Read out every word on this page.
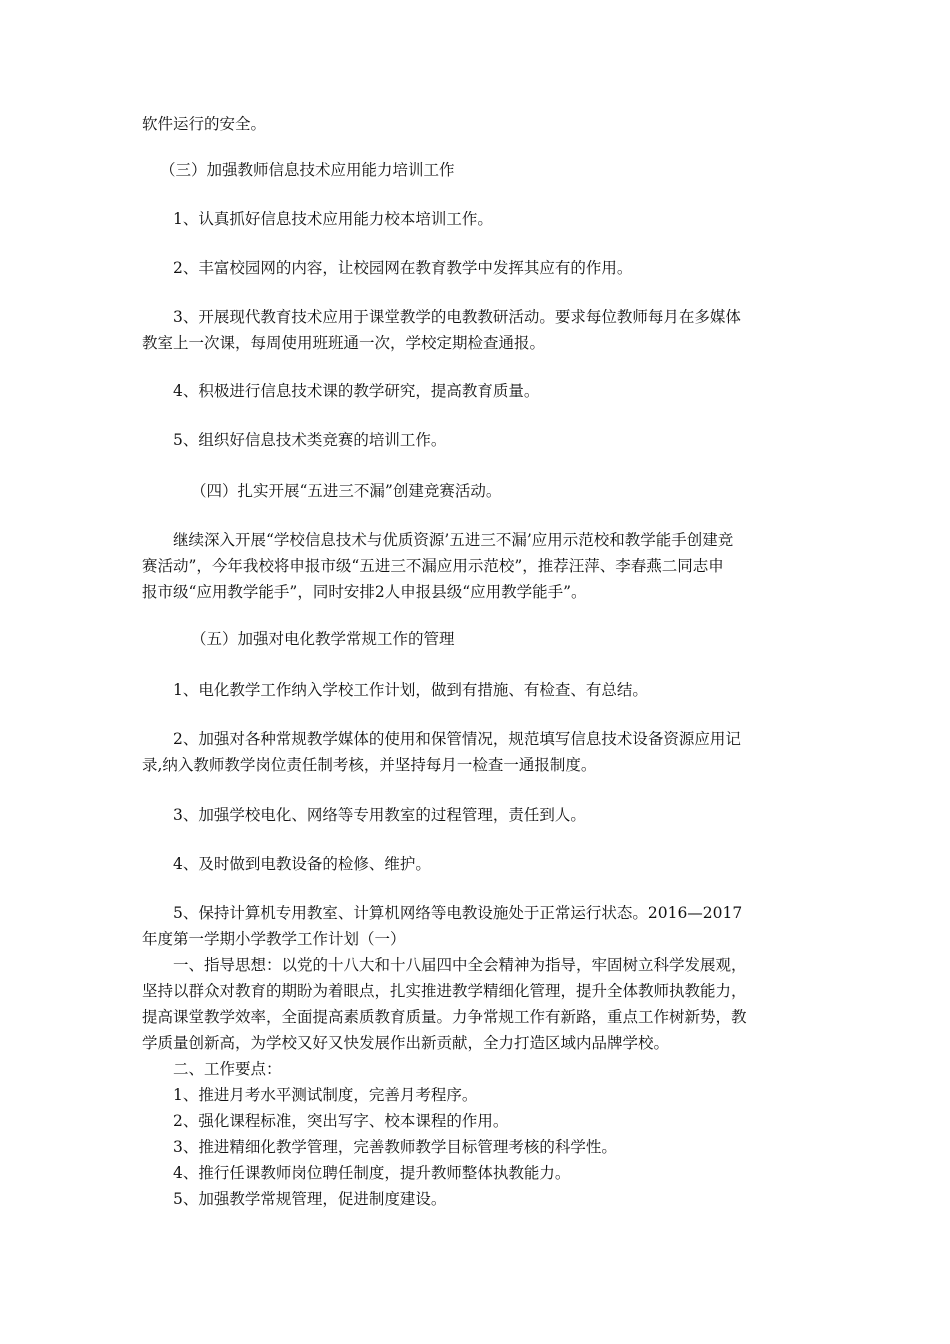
软件运行的安全。

（三）加强教师信息技术应用能力培训工作

1、认真抓好信息技术应用能力校本培训工作。

2、丰富校园网的内容，让校园网在教育教学中发挥其应有的作用。

3、开展现代教育技术应用于课堂教学的电教教研活动。要求每位教师每月在多媒体
教室上一次课，每周使用班班通一次，学校定期检查通报。

4、积极进行信息技术课的教学研究，提高教育质量。

5、组织好信息技术类竞赛的培训工作。

（四）扎实开展“五进三不漏”创建竞赛活动。

继续深入开展“学校信息技术与优质资源’五进三不漏’应用示范校和教学能手创建竞
赛活动”，今年我校将申报市级“五进三不漏应用示范校”，推荐汪萍、李春燕二同志申
报市级“应用教学能手”，同时安排2人申报县级“应用教学能手”。

（五）加强对电化教学常规工作的管理

1、电化教学工作纳入学校工作计划，做到有措施、有检查、有总结。

2、加强对各种常规教学媒体的使用和保管情况，规范填写信息技术设备资源应用记
录,纳入教师教学岗位责任制考核，并坚持每月一检查一通报制度。

3、加强学校电化、网络等专用教室的过程管理，责任到人。

4、及时做到电教设备的检修、维护。

5、保持计算机专用教室、计算机网络等电教设施处于正常运行状态。2016—2017
年度第一学期小学教学工作计划（一）
一、指导思想：以党的十八大和十八届四中全会精神为指导，牢固树立科学发展观，
坚持以群众对教育的期盼为着眼点，扎实推进教学精细化管理，提升全体教师执教能力，
提高课堂教学效率，全面提高素质教育质量。力争常规工作有新路，重点工作树新势，教
学质量创新高，为学校又好又快发展作出新贡献，全力打造区域内品牌学校。
二、工作要点：
1、推进月考水平测试制度，完善月考程序。
2、强化课程标准，突出写字、校本课程的作用。
3、推进精细化教学管理，完善教师教学目标管理考核的科学性。
4、推行任课教师岗位聘任制度，提升教师整体执教能力。
5、加强教学常规管理，促进制度建设。
